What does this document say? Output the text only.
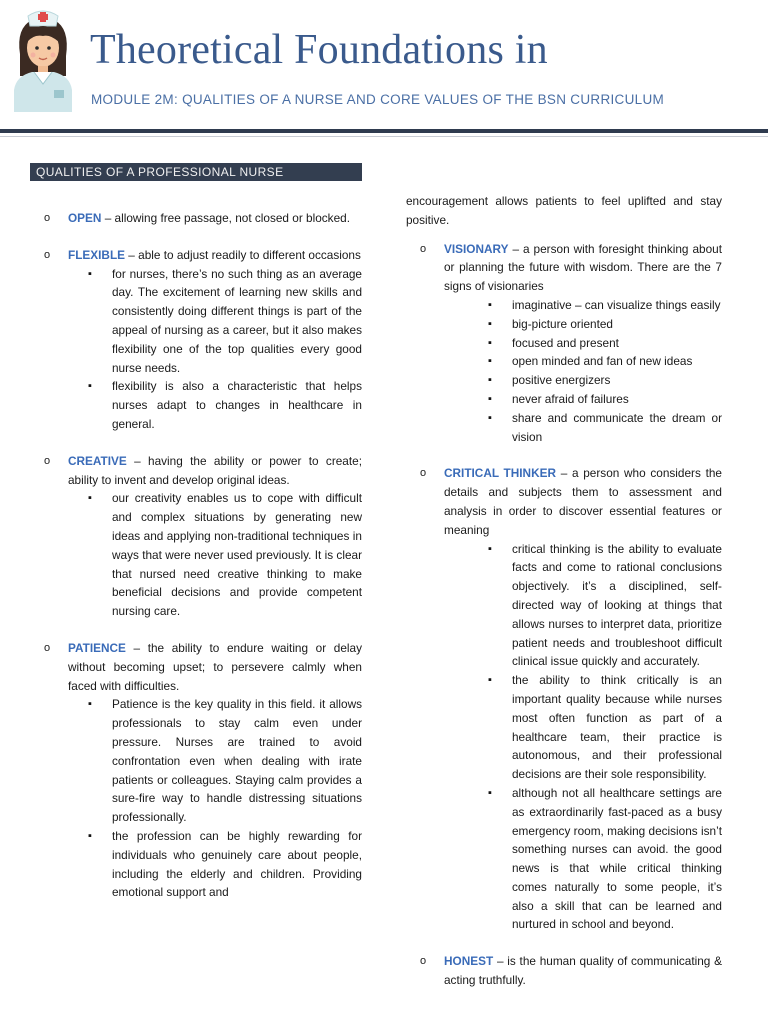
Theoretical Foundations in
MODULE 2M: QUALITIES OF A NURSE AND CORE VALUES OF THE BSN CURRICULUM
QUALITIES OF A PROFESSIONAL NURSE
o OPEN – allowing free passage, not closed or blocked.
o FLEXIBLE – able to adjust readily to different occasions
▪ for nurses, there’s no such thing as an average day. The excitement of learning new skills and consistently doing different things is part of the appeal of nursing as a career, but it also makes flexibility one of the top qualities every good nurse needs.
▪ flexibility is also a characteristic that helps nurses adapt to changes in healthcare in general.
o CREATIVE – having the ability or power to create; ability to invent and develop original ideas.
▪ our creativity enables us to cope with difficult and complex situations by generating new ideas and applying non-traditional techniques in ways that were never used previously. It is clear that nursed need creative thinking to make beneficial decisions and provide competent nursing care.
o PATIENCE – the ability to endure waiting or delay without becoming upset; to persevere calmly when faced with difficulties.
▪ Patience is the key quality in this field. it allows professionals to stay calm even under pressure. Nurses are trained to avoid confrontation even when dealing with irate patients or colleagues. Staying calm provides a sure-fire way to handle distressing situations professionally.
▪ the profession can be highly rewarding for individuals who genuinely care about people, including the elderly and children. Providing emotional support and
encouragement allows patients to feel uplifted and stay positive.
o VISIONARY – a person with foresight thinking about or planning the future with wisdom. There are the 7 signs of visionaries
▪ imaginative – can visualize things easily
▪ big-picture oriented
▪ focused and present
▪ open minded and fan of new ideas
▪ positive energizers
▪ never afraid of failures
▪ share and communicate the dream or vision
o CRITICAL THINKER – a person who considers the details and subjects them to assessment and analysis in order to discover essential features or meaning
▪ critical thinking is the ability to evaluate facts and come to rational conclusions objectively. it’s a disciplined, self-directed way of looking at things that allows nurses to interpret data, prioritize patient needs and troubleshoot difficult clinical issue quickly and accurately.
▪ the ability to think critically is an important quality because while nurses most often function as part of a healthcare team, their practice is autonomous, and their professional decisions are their sole responsibility.
▪ although not all healthcare settings are as extraordinarily fast-paced as a busy emergency room, making decisions isn’t something nurses can avoid. the good news is that while critical thinking comes naturally to some people, it’s also a skill that can be learned and nurtured in school and beyond.
o HONEST – is the human quality of communicating & acting truthfully.
